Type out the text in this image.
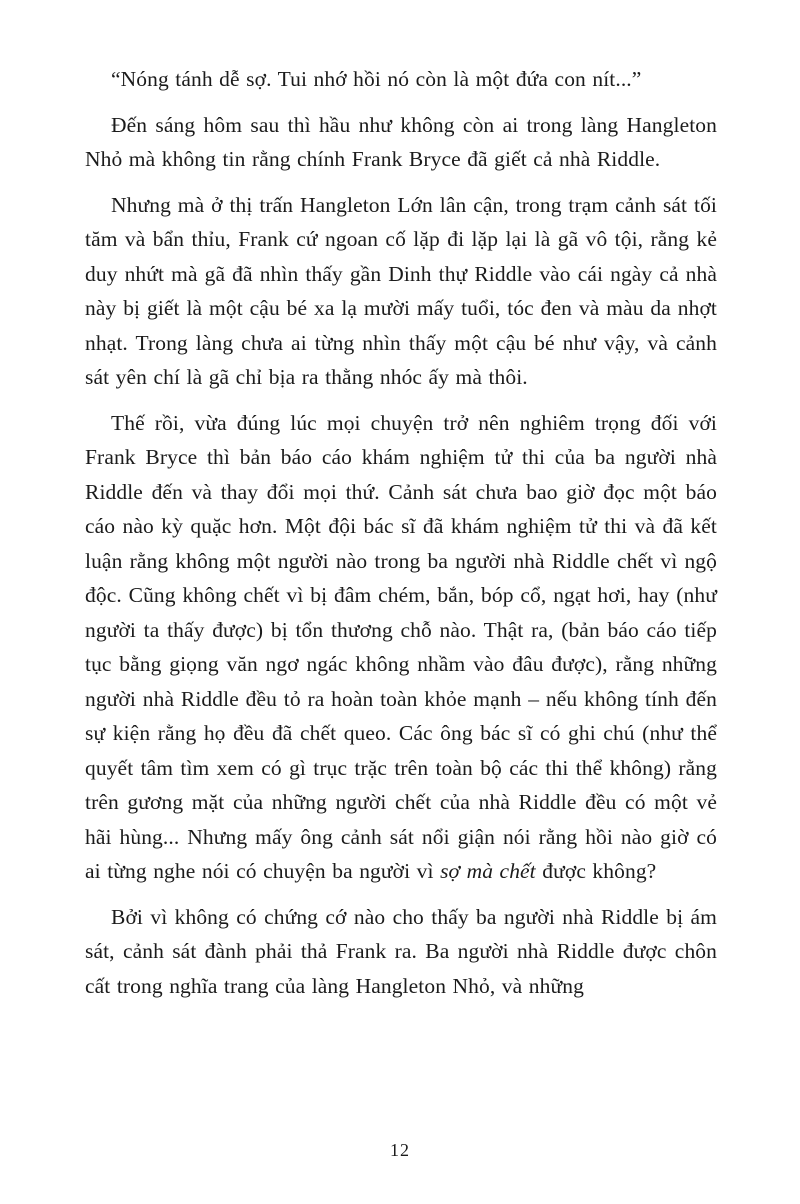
“Nóng tánh dễ sợ. Tui nhớ hồi nó còn là một đứa con nít...”

Đến sáng hôm sau thì hầu như không còn ai trong làng Hangleton Nhỏ mà không tin rằng chính Frank Bryce đã giết cả nhà Riddle.

Nhưng mà ở thị trấn Hangleton Lớn lân cận, trong trạm cảnh sát tối tăm và bẩn thỉu, Frank cứ ngoan cố lặp đi lặp lại là gã vô tội, rằng kẻ duy nhứt mà gã đã nhìn thấy gần Dinh thự Riddle vào cái ngày cả nhà này bị giết là một cậu bé xa lạ mười mấy tuổi, tóc đen và màu da nhợt nhạt. Trong làng chưa ai từng nhìn thấy một cậu bé như vậy, và cảnh sát yên chí là gã chỉ bịa ra thằng nhóc ấy mà thôi.

Thế rồi, vừa đúng lúc mọi chuyện trở nên nghiêm trọng đối với Frank Bryce thì bản báo cáo khám nghiệm tử thi của ba người nhà Riddle đến và thay đổi mọi thứ. Cảnh sát chưa bao giờ đọc một báo cáo nào kỳ quặc hơn. Một đội bác sĩ đã khám nghiệm tử thi và đã kết luận rằng không một người nào trong ba người nhà Riddle chết vì ngộ độc. Cũng không chết vì bị đâm chém, bắn, bóp cổ, ngạt hơi, hay (như người ta thấy được) bị tổn thương chỗ nào. Thật ra, (bản báo cáo tiếp tục bằng giọng văn ngơ ngác không nhầm vào đâu được), rằng những người nhà Riddle đều tỏ ra hoàn toàn khỏe mạnh – nếu không tính đến sự kiện rằng họ đều đã chết queo. Các ông bác sĩ có ghi chú (như thể quyết tâm tìm xem có gì trục trặc trên toàn bộ các thi thể không) rằng trên gương mặt của những người chết của nhà Riddle đều có một vẻ hãi hùng... Nhưng mấy ông cảnh sát nổi giận nói rằng hồi nào giờ có ai từng nghe nói có chuyện ba người vì sợ mà chết được không?

Bởi vì không có chứng cớ nào cho thấy ba người nhà Riddle bị ám sát, cảnh sát đành phải thả Frank ra. Ba người nhà Riddle được chôn cất trong nghĩa trang của làng Hangleton Nhỏ, và những

12
